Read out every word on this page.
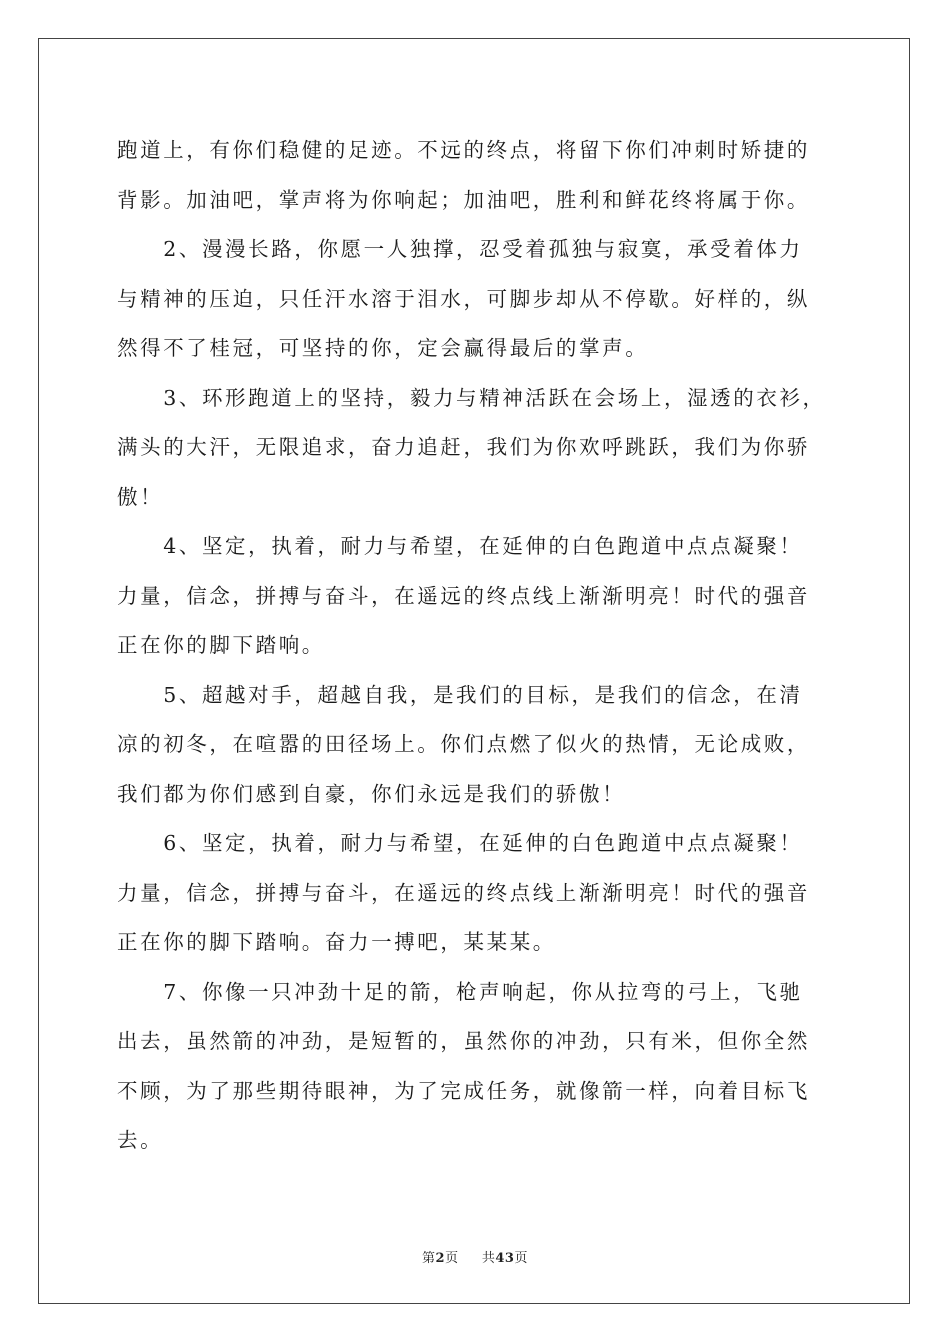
跑道上，有你们稳健的足迹。不远的终点，将留下你们冲刺时矫捷的
背影。加油吧，掌声将为你响起；加油吧，胜利和鲜花终将属于你。
　　2、漫漫长路，你愿一人独撑，忍受着孤独与寂寞，承受着体力
与精神的压迫，只任汗水溶于泪水，可脚步却从不停歇。好样的，纵
然得不了桂冠，可坚持的你，定会赢得最后的掌声。
　　3、环形跑道上的坚持，毅力与精神活跃在会场上，湿透的衣衫，
满头的大汗，无限追求，奋力追赶，我们为你欢呼跳跃，我们为你骄
傲！
　　4、坚定，执着，耐力与希望，在延伸的白色跑道中点点凝聚！
力量，信念，拼搏与奋斗，在遥远的终点线上渐渐明亮！时代的强音
正在你的脚下踏响。
　　5、超越对手，超越自我，是我们的目标，是我们的信念，在清
凉的初冬，在喧嚣的田径场上。你们点燃了似火的热情，无论成败，
我们都为你们感到自豪，你们永远是我们的骄傲！
　　6、坚定，执着，耐力与希望，在延伸的白色跑道中点点凝聚！
力量，信念，拼搏与奋斗，在遥远的终点线上渐渐明亮！时代的强音
正在你的脚下踏响。奋力一搏吧，某某某。
　　7、你像一只冲劲十足的箭，枪声响起，你从拉弯的弓上，飞驰
出去，虽然箭的冲劲，是短暂的，虽然你的冲劲，只有米，但你全然
不顾，为了那些期待眼神，为了完成任务，就像箭一样，向着目标飞
去。
第2页 共43页
